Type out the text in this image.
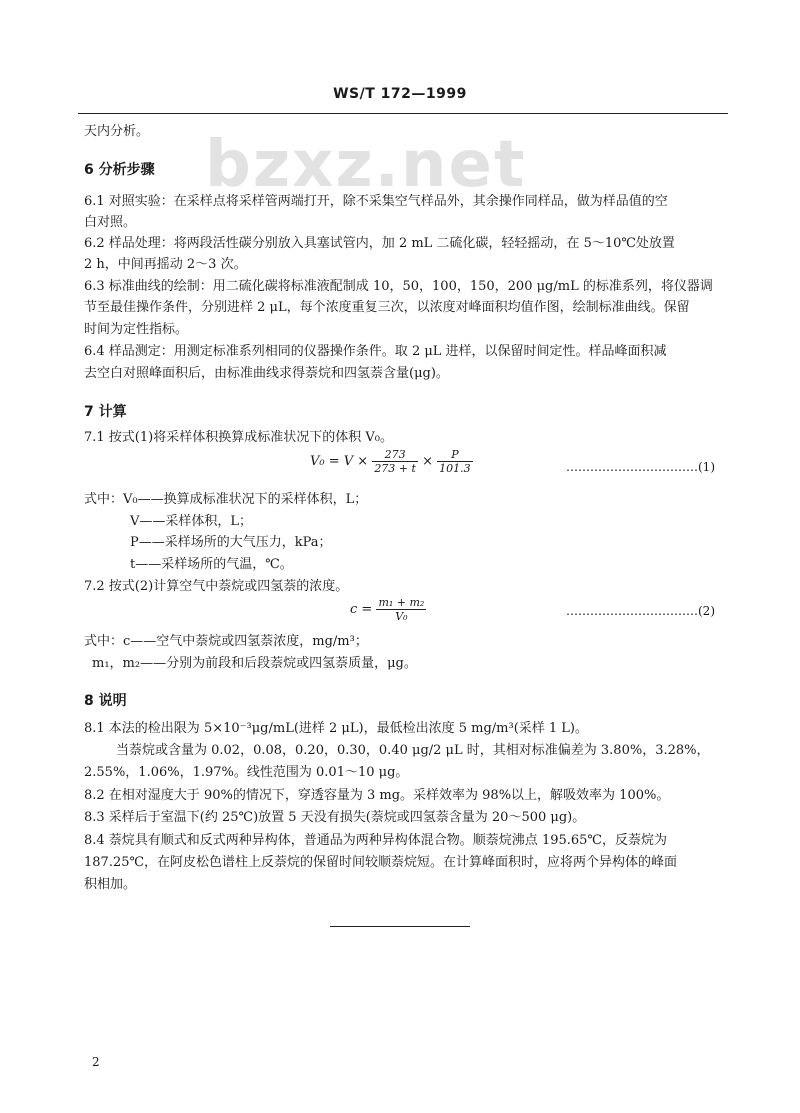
WS/T 172—1999
bzxz.net
天内分析。
6 分析步骤
6.1 对照实验：在采样点将采样管两端打开，除不采集空气样品外，其余操作同样品，做为样品值的空
白对照。
6.2 样品处理：将两段活性碳分别放入具塞试管内，加 2 mL 二硫化碳，轻轻摇动，在 5～10℃处放置
2 h，中间再摇动 2～3 次。
6.3 标准曲线的绘制：用二硫化碳将标准液配制成 10，50，100，150，200 μg/mL 的标准系列，将仪器调
节至最佳操作条件，分别进样 2 μL，每个浓度重复三次，以浓度对峰面积均值作图，绘制标准曲线。保留
时间为定性指标。
6.4 样品测定：用测定标准系列相同的仪器操作条件。取 2 μL 进样，以保留时间定性。样品峰面积减
去空白对照峰面积后，由标准曲线求得萘烷和四氢萘含量(μg)。
7 计算
7.1 按式(1)将采样体积换算成标准状况下的体积 V₀。
式中：V₀——换算成标准状况下的采样体积，L；
V——采样体积，L；
P——采样场所的大气压力，kPa；
t——采样场所的气温，℃。
7.2 按式(2)计算空气中萘烷或四氢萘的浓度。
式中：c——空气中萘烷或四氢萘浓度，mg/m³；
m₁，m₂——分别为前段和后段萘烷或四氢萘质量，μg。
8 说明
8.1 本法的检出限为 5×10⁻³μg/mL(进样 2 μL)，最低检出浓度 5 mg/m³(采样 1 L)。
当萘烷或含量为 0.02，0.08，0.20，0.30，0.40 μg/2 μL 时，其相对标准偏差为 3.80%，3.28%，
2.55%，1.06%，1.97%。线性范围为 0.01～10 μg。
8.2 在相对湿度大于 90%的情况下，穿透容量为 3 mg。采样效率为 98%以上，解吸效率为 100%。
8.3 采样后于室温下(约 25℃)放置 5 天没有损失(萘烷或四氢萘含量为 20～500 μg)。
8.4 萘烷具有顺式和反式两种异构体，普通品为两种异构体混合物。顺萘烷沸点 195.65℃，反萘烷为
187.25℃，在阿皮松色谱柱上反萘烷的保留时间较顺萘烷短。在计算峰面积时，应将两个异构体的峰面
积相加。
$V_0 = V \times \frac{273}{273 + t} \times \frac{P}{101.3}$	……………………………(1)
$c = \frac{\text{m₁ + m₂}}{\text{V₀}}$	……………………………(2)
2
